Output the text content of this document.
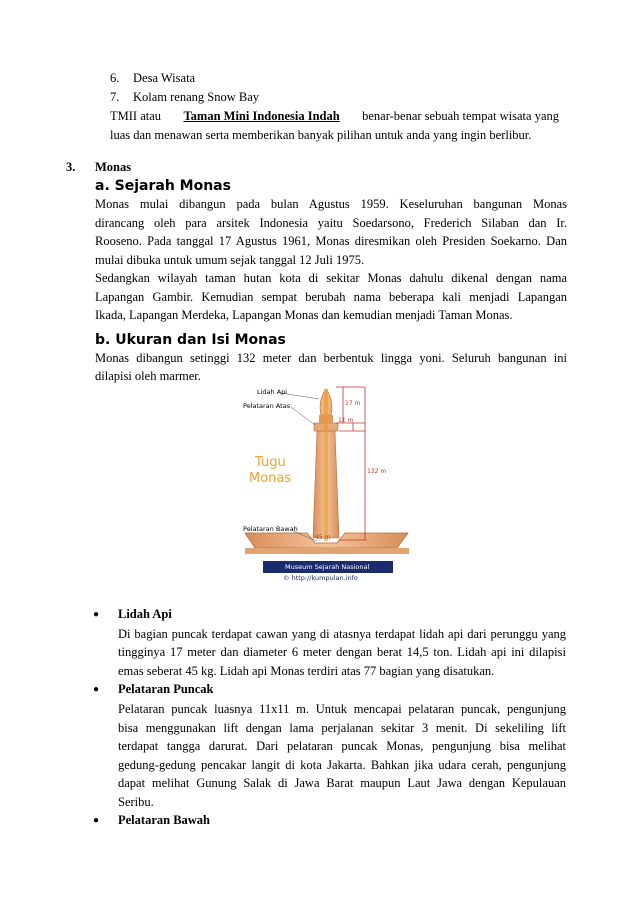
6. Desa Wisata
7. Kolam renang Snow Bay
TMII atau Taman Mini Indonesia Indah benar-benar sebuah tempat wisata yang
luas dan menawan serta memberikan banyak pilihan untuk anda yang ingin berlibur.
3. Monas
a. Sejarah Monas
Monas mulai dibangun pada bulan Agustus 1959. Keseluruhan bangunan Monas
dirancang oleh para arsitek Indonesia yaitu Soedarsono, Frederich Silaban dan Ir.
Rooseno. Pada tanggal 17 Agustus 1961, Monas diresmikan oleh Presiden Soekarno. Dan
mulai dibuka untuk umum sejak tanggal 12 Juli 1975.
Sedangkan wilayah taman hutan kota di sekitar Monas dahulu dikenal dengan nama
Lapangan Gambir. Kemudian sempat berubah nama beberapa kali menjadi Lapangan
Ikada, Lapangan Merdeka, Lapangan Monas dan kemudian menjadi Taman Monas.
b. Ukuran dan Isi Monas
Monas dibangun setinggi 132 meter dan berbentuk lingga yoni. Seluruh bangunan ini
dilapisi oleh marmer.
Lidah Api
Pelataran Atas
Tugu
Monas
Pelataran Bawah
17 m
11 m
132 m
45 m
Museum Sejarah Nasional
© http://kumpulan.info
● Lidah Api
Di bagian puncak terdapat cawan yang di atasnya terdapat lidah api dari perunggu yang
tingginya 17 meter dan diameter 6 meter dengan berat 14,5 ton. Lidah api ini dilapisi
emas seberat 45 kg. Lidah api Monas terdiri atas 77 bagian yang disatukan.
● Pelataran Puncak
Pelataran puncak luasnya 11x11 m. Untuk mencapai pelataran puncak, pengunjung
bisa menggunakan lift dengan lama perjalanan sekitar 3 menit. Di sekeliling lift
terdapat tangga darurat. Dari pelataran puncak Monas, pengunjung bisa melihat
gedung-gedung pencakar langit di kota Jakarta. Bahkan jika udara cerah, pengunjung
dapat melihat Gunung Salak di Jawa Barat maupun Laut Jawa dengan Kepulauan
Seribu.
● Pelataran Bawah
